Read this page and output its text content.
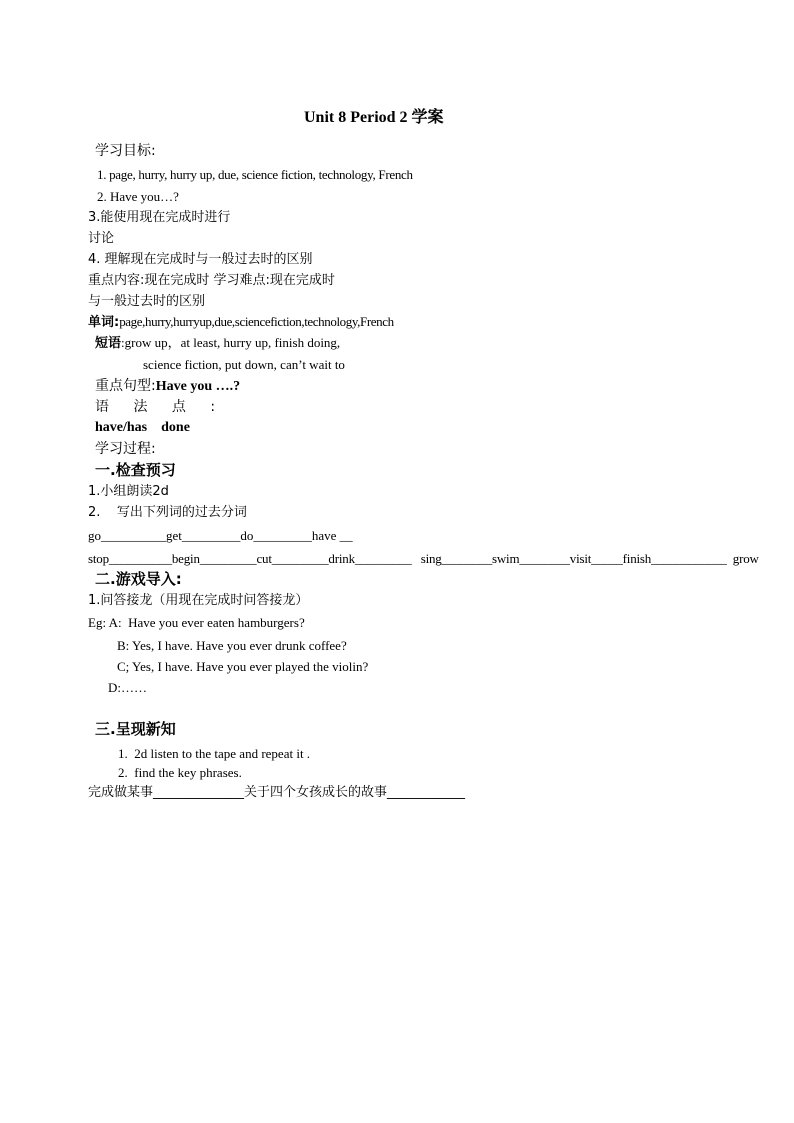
Unit 8 Period 2 学案
学习目标:
1. page, hurry, hurry up, due, science fiction, technology, French
2. Have you…?
3.能使用现在完成时进行
讨论
4. 理解现在完成时与一般过去时的区别
重点内容:现在完成时 学习难点:现在完成时
与一般过去时的区别
单词:page,hurry,hurryup,due,sciencefiction,technology,French
短语:grow up，at least, hurry up, finish doing,
science fiction, put down, can’t wait to
重点句型:Have you ….?
语 法 点 :
have/has    done
学习过程:
一.检查预习
1.小组朗读2d
2.    写出下列词的过去分词
go__________get_________do_________have __
stop__________begin_________cut_________drink_________   sing________swim________visit_____finish____________  grow
二.游戏导入:
1.问答接龙（用现在完成时问答接龙）
Eg: A:  Have you ever eaten hamburgers?
B: Yes, I have. Have you ever drunk coffee?
C; Yes, I have. Have you ever played the violin?
D:……
三.呈现新知
1.  2d listen to the tape and repeat it .
2.  find the key phrases.
完成做某事______________关于四个女孩成长的故事____________
